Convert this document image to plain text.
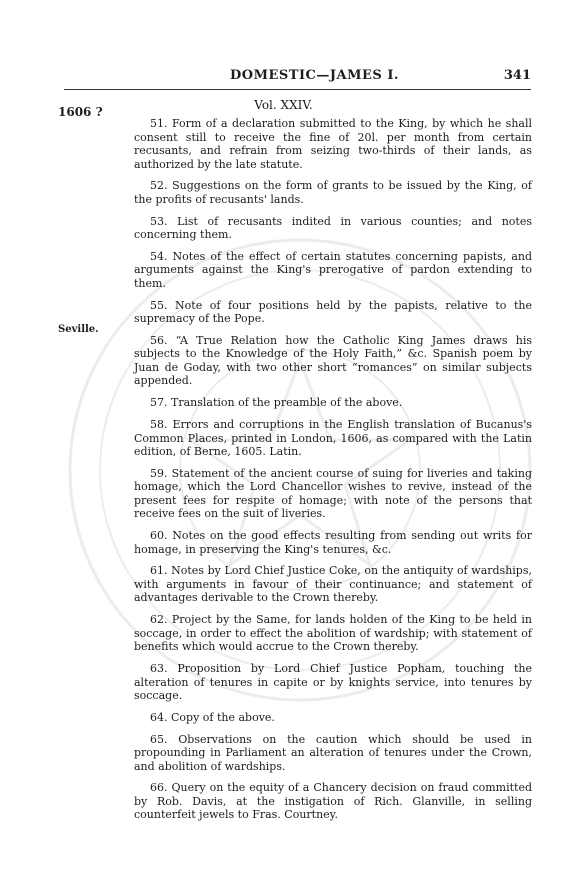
DOMESTIC—JAMES I.	341
Vol. XXIV.
1606 ?
Seville.

51. Form of a declaration submitted to the King, by which he shall consent still to receive the fine of 20l. per month from certain recusants, and refrain from seizing two-thirds of their lands, as authorized by the late statute.

52. Suggestions on the form of grants to be issued by the King, of the profits of recusants' lands.

53. List of recusants indited in various counties; and notes concerning them.

54. Notes of the effect of certain statutes concerning papists, and arguments against the King's prerogative of pardon extending to them.

55. Note of four positions held by the papists, relative to the supremacy of the Pope.

56. “A True Relation how the Catholic King James draws his subjects to the Knowledge of the Holy Faith,” &c. Spanish poem by Juan de Goday, with two other short “romances” on similar subjects appended.

57. Translation of the preamble of the above.

58. Errors and corruptions in the English translation of Bucanus's Common Places, printed in London, 1606, as compared with the Latin edition, of Berne, 1605. Latin.

59. Statement of the ancient course of suing for liveries and taking homage, which the Lord Chancellor wishes to revive, instead of the present fees for respite of homage; with note of the persons that receive fees on the suit of liveries.

60. Notes on the good effects resulting from sending out writs for homage, in preserving the King's tenures, &c.

61. Notes by Lord Chief Justice Coke, on the antiquity of wardships, with arguments in favour of their continuance; and statement of advantages derivable to the Crown thereby.

62. Project by the Same, for lands holden of the King to be held in soccage, in order to effect the abolition of wardship; with statement of benefits which would accrue to the Crown thereby.

63. Proposition by Lord Chief Justice Popham, touching the alteration of tenures in capite or by knights service, into tenures by soccage.

64. Copy of the above.

65. Observations on the caution which should be used in propounding in Parliament an alteration of tenures under the Crown, and abolition of wardships.

66. Query on the equity of a Chancery decision on fraud committed by Rob. Davis, at the instigation of Rich. Glanville, in selling counterfeit jewels to Fras. Courtney.
